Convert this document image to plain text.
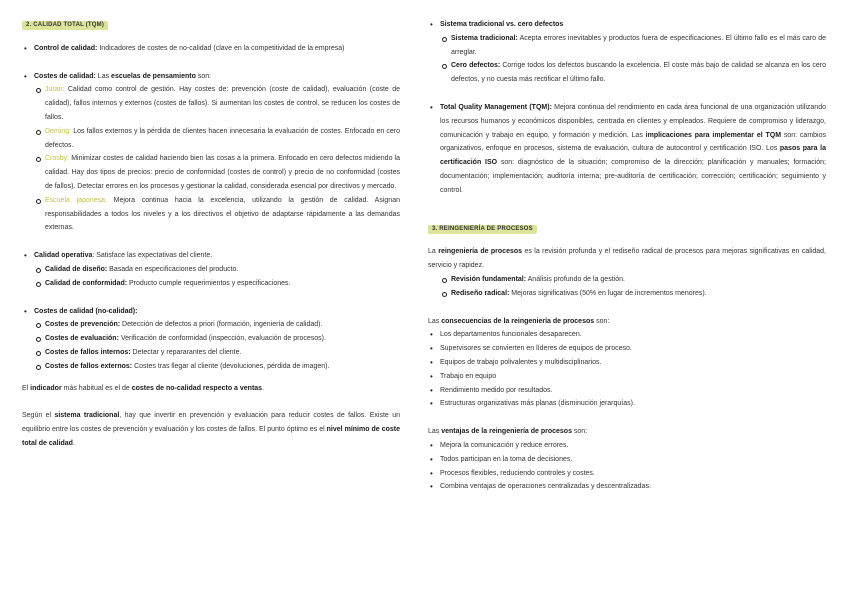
2. CALIDAD TOTAL (TQM)
• Control de calidad: Indicadores de costes de no-calidad (clave en la competitividad de la empresa)
• Costes de calidad: Las escuelas de pensamiento son:
Juran: Calidad como control de gestión. Hay costes de: prevención (coste de calidad), evaluación (coste de calidad), fallos internos y externos (costes de fallos). Si aumentan los costes de control, se reducen los costes de fallos.
Deming: Los fallos externos y la pérdida de clientes hacen innecesaria la evaluación de costes. Enfocado en cero defectos.
Crosby: Minimizar costes de calidad haciendo bien las cosas a la primera. Enfocado en cero defectos midiendo la calidad. Hay dos tipos de precios: precio de conformidad (costes de control) y precio de no conformidad (costes de fallos). Detectar errores en los procesos y gestionar la calidad, considerada esencial por directivos y mercado.
Escuela japonesa: Mejora continua hacia la excelencia, utilizando la gestión de calidad. Asignan responsabilidades a todos los niveles y a los directivos el objetivo de adaptarse rápidamente a las demandas externas.
• Calidad operativa: Satisface las expectativas del cliente.
Calidad de diseño: Basada en especificaciones del producto.
Calidad de conformidad: Producto cumple requerimientos y especificaciones.
• Costes de calidad (no-calidad):
Costes de prevención: Detección de defectos a priori (formación, ingeniería de calidad).
Costes de evaluación: Verificación de conformidad (inspección, evaluación de procesos).
Costes de fallos internos: Detectar y repararantes del cliente.
Costes de fallos externos: Costes tras llegar al cliente (devoluciones, pérdida de imagen).

El indicador más habitual es el de costes de no-calidad respecto a ventas.

Según el sistema tradicional, hay que invertir en prevención y evaluación para reducir costes de fallos. Existe un equilibrio entre los costes de prevención y evaluación y los costes de fallos. El punto óptimo es el nivel mínimo de coste total de calidad.

• Sistema tradicional vs. cero defectos
Sistema tradicional: Acepta errores inevitables y productos fuera de especificaciones. El último fallo es el más caro de arreglar.
Cero defectos: Corrige todos los defectos buscando la excelencia. El coste más bajo de calidad se alcanza en los cero defectos, y no cuesta más rectificar el último fallo.
• Total Quality Management (TQM): Mejora continua del rendimiento en cada área funcional de una organización utilizando los recursos humanos y económicos disponibles, centrada en clientes y empleados. Requiere de compromiso y liderazgo, comunicación y trabajo en equipo, y formación y medición. Las implicaciones para implementar el TQM son: cambios organizativos, enfoque en procesos, sistema de evaluación, cultura de autocontrol y certificación ISO. Los pasos para la certificación ISO son: diagnóstico de la situación; compromiso de la dirección; planificación y manuales; formación; documentación; implementación; auditoría interna; pre-auditoría de certificación; corrección; certificación; seguimiento y control.
3. REINGENIERÍA DE PROCESOS

La reingeniería de procesos es la revisión profunda y el rediseño radical de procesos para mejoras significativas en calidad, servicio y rapidez.

Revisión fundamental: Análisis profundo de la gestión.
Rediseño radical: Mejoras significativas (50% en lugar de incrementos menores).

Las consecuencias de la reingeniería de procesos son:

• Los departamentos funcionales desaparecen.
• Supervisores se convierten en líderes de equipos de proceso.
• Equipos de trabajo polivalentes y multidisciplinarios.
• Trabajo en equipo
• Rendimiento medido por resultados.
• Estructuras organizativas más planas (disminución jerarquías).

Las ventajas de la reingeniería de procesos son:

• Mejora la comunicación y reduce errores.
• Todos participan en la toma de decisiones.
• Procesos flexibles, reduciendo controles y costes.
• Combina ventajas de operaciones centralizadas y descentralizadas.
